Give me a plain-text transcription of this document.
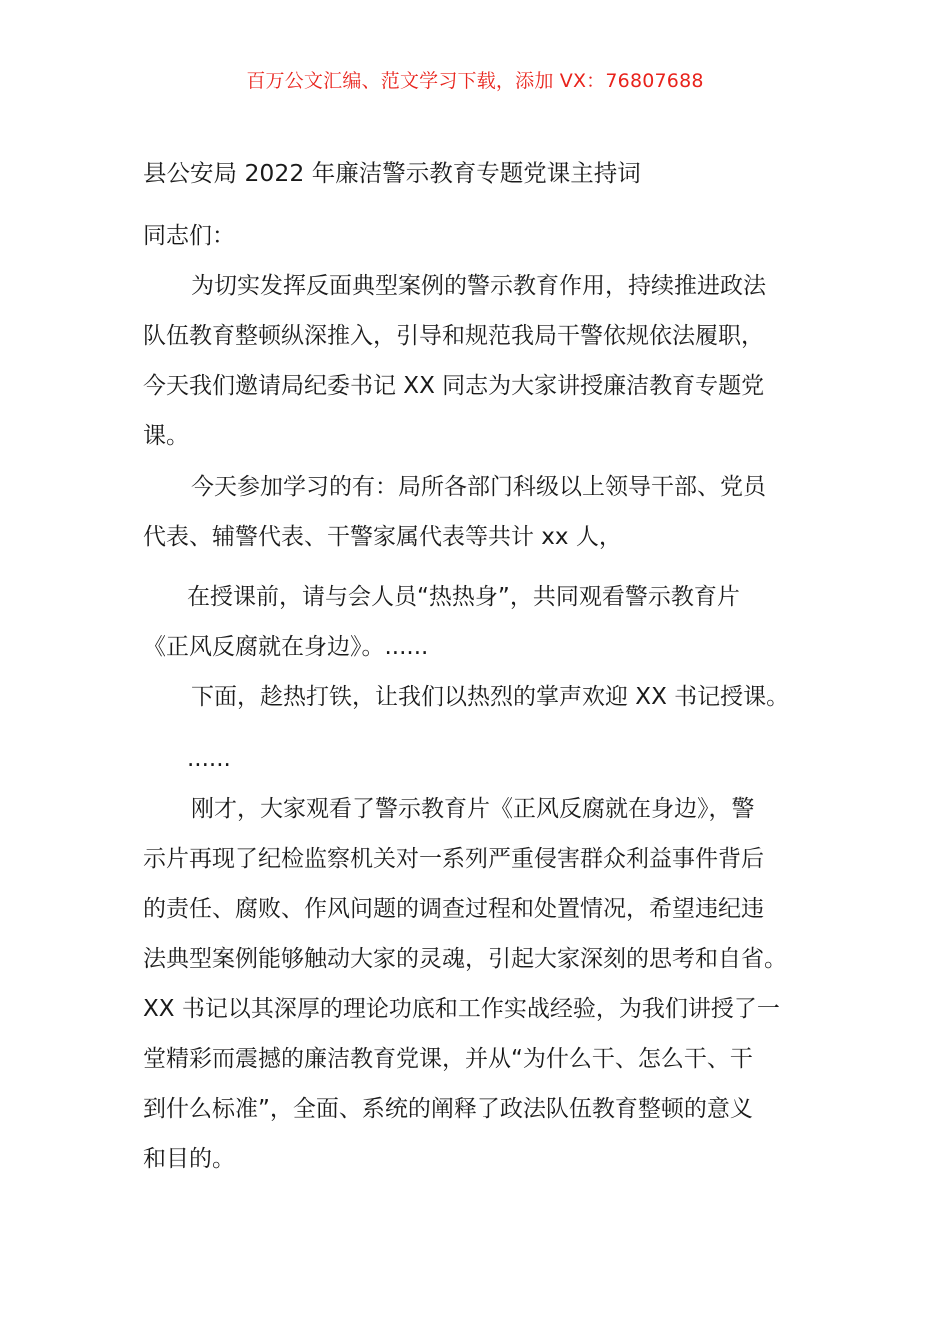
百万公文汇编、范文学习下载，添加 VX：76807688
县公安局 2022 年廉洁警示教育专题党课主持词
同志们：
为切实发挥反面典型案例的警示教育作用，持续推进政法
队伍教育整顿纵深推入，引导和规范我局干警依规依法履职，
今天我们邀请局纪委书记 XX 同志为大家讲授廉洁教育专题党
课。
今天参加学习的有：局所各部门科级以上领导干部、党员
代表、辅警代表、干警家属代表等共计 xx 人，
在授课前，请与会人员“热热身”，共同观看警示教育片
《正风反腐就在身边》。......
下面，趁热打铁，让我们以热烈的掌声欢迎 XX 书记授课。
......
刚才，大家观看了警示教育片《正风反腐就在身边》，警
示片再现了纪检监察机关对一系列严重侵害群众利益事件背后
的责任、腐败、作风问题的调查过程和处置情况，希望违纪违
法典型案例能够触动大家的灵魂，引起大家深刻的思考和自省。
XX 书记以其深厚的理论功底和工作实战经验，为我们讲授了一
堂精彩而震撼的廉洁教育党课，并从“为什么干、怎么干、干
到什么标准”，全面、系统的阐释了政法队伍教育整顿的意义
和目的。
